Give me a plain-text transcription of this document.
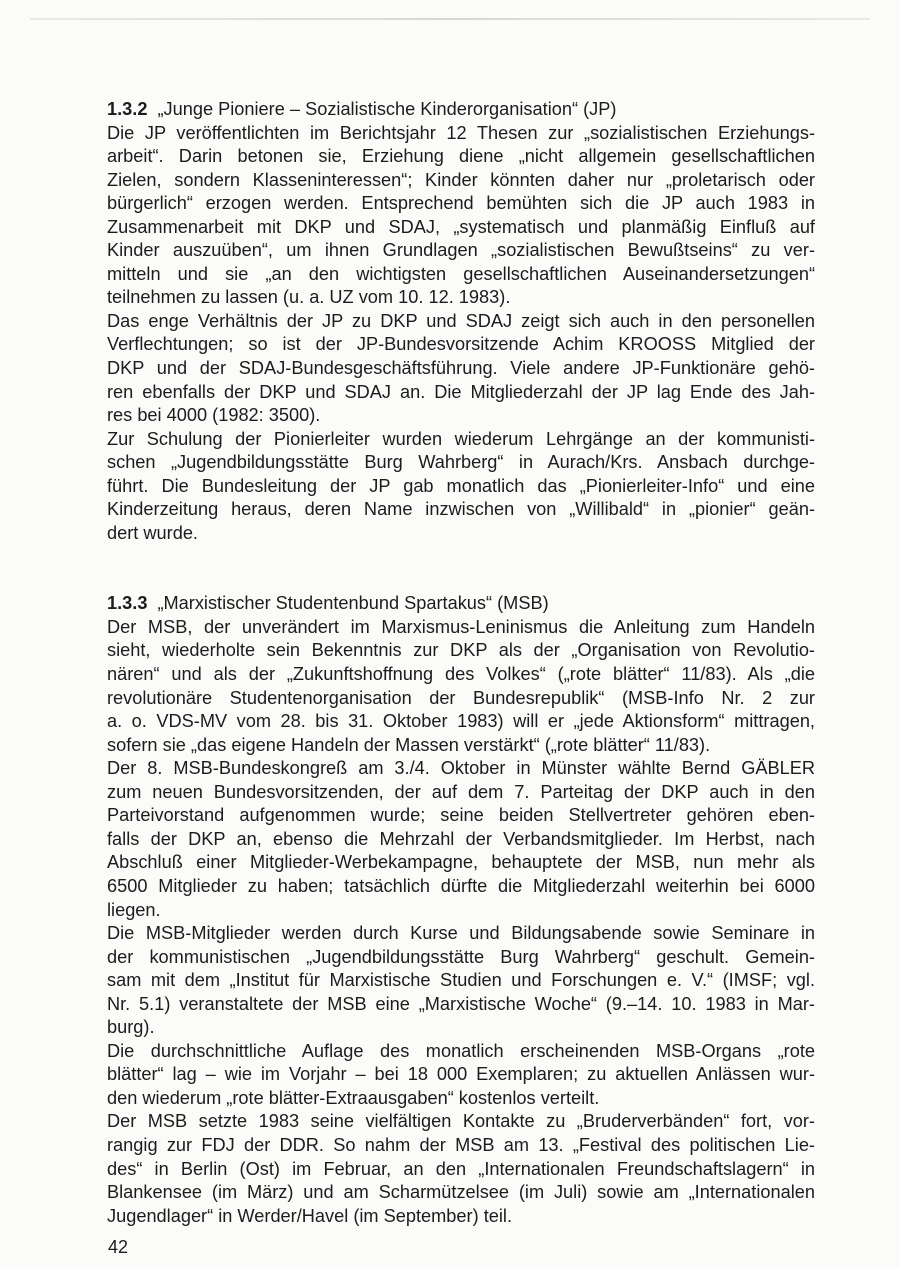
1.3.2 „Junge Pioniere – Sozialistische Kinderorganisation“ (JP)
Die JP veröffentlichten im Berichtsjahr 12 Thesen zur „sozialistischen Erziehungs-
arbeit“. Darin betonen sie, Erziehung diene „nicht allgemein gesellschaftlichen
Zielen, sondern Klasseninteressen“; Kinder könnten daher nur „proletarisch oder
bürgerlich“ erzogen werden. Entsprechend bemühten sich die JP auch 1983 in
Zusammenarbeit mit DKP und SDAJ, „systematisch und planmäßig Einfluß auf
Kinder auszuüben“, um ihnen Grundlagen „sozialistischen Bewußtseins“ zu ver-
mitteln und sie „an den wichtigsten gesellschaftlichen Auseinandersetzungen“
teilnehmen zu lassen (u. a. UZ vom 10. 12. 1983).
Das enge Verhältnis der JP zu DKP und SDAJ zeigt sich auch in den personellen
Verflechtungen; so ist der JP-Bundesvorsitzende Achim KROOSS Mitglied der
DKP und der SDAJ-Bundesgeschäftsführung. Viele andere JP-Funktionäre gehö-
ren ebenfalls der DKP und SDAJ an. Die Mitgliederzahl der JP lag Ende des Jah-
res bei 4000 (1982: 3500).
Zur Schulung der Pionierleiter wurden wiederum Lehrgänge an der kommunisti-
schen „Jugendbildungsstätte Burg Wahrberg“ in Aurach/Krs. Ansbach durchge-
führt. Die Bundesleitung der JP gab monatlich das „Pionierleiter-Info“ und eine
Kinderzeitung heraus, deren Name inzwischen von „Willibald“ in „pionier“ geän-
dert wurde.
1.3.3 „Marxistischer Studentenbund Spartakus“ (MSB)
Der MSB, der unverändert im Marxismus-Leninismus die Anleitung zum Handeln
sieht, wiederholte sein Bekenntnis zur DKP als der „Organisation von Revolutio-
nären“ und als der „Zukunftshoffnung des Volkes“ („rote blätter“ 11/83). Als „die
revolutionäre Studentenorganisation der Bundesrepublik“ (MSB-Info Nr. 2 zur
a. o. VDS-MV vom 28. bis 31. Oktober 1983) will er „jede Aktionsform“ mittragen,
sofern sie „das eigene Handeln der Massen verstärkt“ („rote blätter“ 11/83).
Der 8. MSB-Bundeskongreß am 3./4. Oktober in Münster wählte Bernd GÄBLER
zum neuen Bundesvorsitzenden, der auf dem 7. Parteitag der DKP auch in den
Parteivorstand aufgenommen wurde; seine beiden Stellvertreter gehören eben-
falls der DKP an, ebenso die Mehrzahl der Verbandsmitglieder. Im Herbst, nach
Abschluß einer Mitglieder-Werbekampagne, behauptete der MSB, nun mehr als
6500 Mitglieder zu haben; tatsächlich dürfte die Mitgliederzahl weiterhin bei 6000
liegen.
Die MSB-Mitglieder werden durch Kurse und Bildungsabende sowie Seminare in
der kommunistischen „Jugendbildungsstätte Burg Wahrberg“ geschult. Gemein-
sam mit dem „Institut für Marxistische Studien und Forschungen e. V.“ (IMSF; vgl.
Nr. 5.1) veranstaltete der MSB eine „Marxistische Woche“ (9.–14. 10. 1983 in Mar-
burg).
Die durchschnittliche Auflage des monatlich erscheinenden MSB-Organs „rote
blätter“ lag – wie im Vorjahr – bei 18 000 Exemplaren; zu aktuellen Anlässen wur-
den wiederum „rote blätter-Extraausgaben“ kostenlos verteilt.
Der MSB setzte 1983 seine vielfältigen Kontakte zu „Bruderverbänden“ fort, vor-
rangig zur FDJ der DDR. So nahm der MSB am 13. „Festival des politischen Lie-
des“ in Berlin (Ost) im Februar, an den „Internationalen Freundschaftslagern“ in
Blankensee (im März) und am Scharmützelsee (im Juli) sowie am „Internationalen
Jugendlager“ in Werder/Havel (im September) teil.
42
